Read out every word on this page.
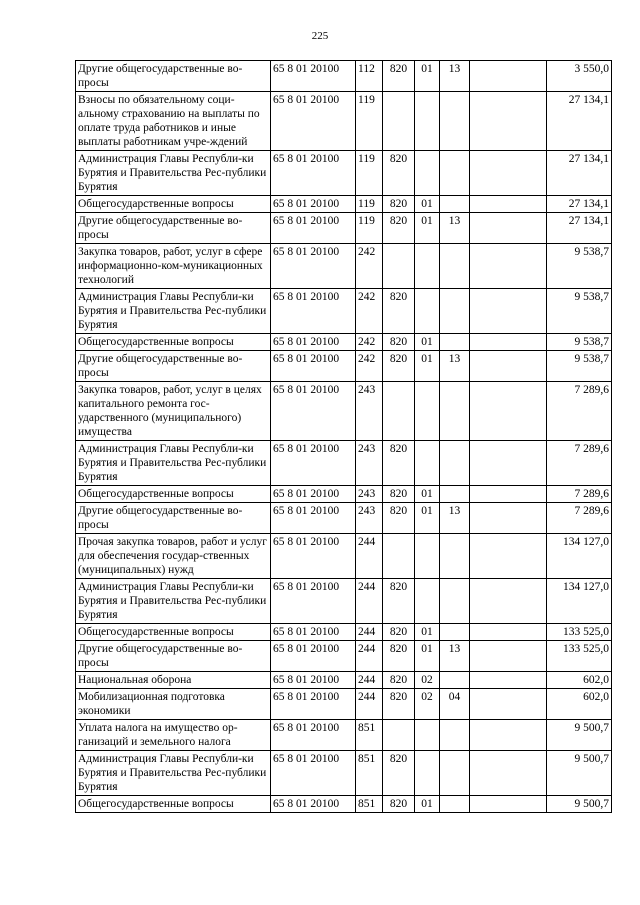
225
Другие общегосударственные во-просы	65 8 01 20100	112	820	01	13		3 550,0
Взносы по обязательному соци-альному страхованию на выплаты по оплате труда работников и иные выплаты работникам учре-ждений	65 8 01 20100	119					27 134,1
Администрация Главы Республи-ки Бурятия и Правительства Рес-публики Бурятия	65 8 01 20100	119	820				27 134,1
Общегосударственные вопросы	65 8 01 20100	119	820	01			27 134,1
Другие общегосударственные во-просы	65 8 01 20100	119	820	01	13		27 134,1
Закупка товаров, работ, услуг в сфере информационно-ком-муникационных технологий	65 8 01 20100	242					9 538,7
Администрация Главы Республи-ки Бурятия и Правительства Рес-публики Бурятия	65 8 01 20100	242	820				9 538,7
Общегосударственные вопросы	65 8 01 20100	242	820	01			9 538,7
Другие общегосударственные во-просы	65 8 01 20100	242	820	01	13		9 538,7
Закупка товаров, работ, услуг в целях капитального ремонта гос-ударственного (муниципального) имущества	65 8 01 20100	243					7 289,6
Администрация Главы Республи-ки Бурятия и Правительства Рес-публики Бурятия	65 8 01 20100	243	820				7 289,6
Общегосударственные вопросы	65 8 01 20100	243	820	01			7 289,6
Другие общегосударственные во-просы	65 8 01 20100	243	820	01	13		7 289,6
Прочая закупка товаров, работ и услуг для обеспечения государ-ственных (муниципальных) нужд	65 8 01 20100	244					134 127,0
Администрация Главы Республи-ки Бурятия и Правительства Рес-публики Бурятия	65 8 01 20100	244	820				134 127,0
Общегосударственные вопросы	65 8 01 20100	244	820	01			133 525,0
Другие общегосударственные во-просы	65 8 01 20100	244	820	01	13		133 525,0
Национальная оборона	65 8 01 20100	244	820	02			602,0
Мобилизационная подготовка экономики	65 8 01 20100	244	820	02	04		602,0
Уплата налога на имущество ор-ганизаций и земельного налога	65 8 01 20100	851					9 500,7
Администрация Главы Республи-ки Бурятия и Правительства Рес-публики Бурятия	65 8 01 20100	851	820				9 500,7
Общегосударственные вопросы	65 8 01 20100	851	820	01			9 500,7
